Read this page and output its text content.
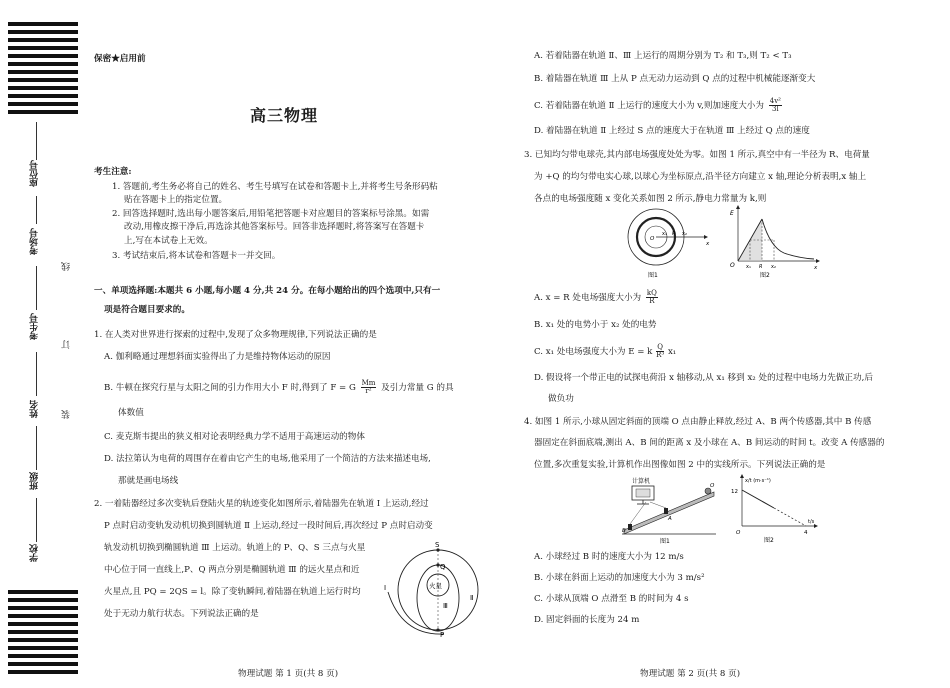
座位号
考场号
考生号
姓名
班级
学校
线
订
装
保密★启用前
高三物理
考生注意:
1. 答题前,考生务必将自己的姓名、考生号填写在试卷和答题卡上,并将考生号条形码粘
贴在答题卡上的指定位置。
2. 回答选择题时,选出每小题答案后,用铅笔把答题卡对应题目的答案标号涂黑。如需
改动,用橡皮擦干净后,再选涂其他答案标号。回答非选择题时,将答案写在答题卡
上,写在本试卷上无效。
3. 考试结束后,将本试卷和答题卡一并交回。
一、单项选择题:本题共 6 小题,每小题 4 分,共 24 分。在每小题给出的四个选项中,只有一
项是符合题目要求的。
1. 在人类对世界进行探索的过程中,发现了众多物理规律,下列说法正确的是
A. 伽利略通过理想斜面实验得出了力是维持物体运动的原因
B. 牛顿在探究行星与太阳之间的引力作用大小 F 时,得到了 F = G $\frac{Mm}{\text{r²}}$ 及引力常量 G 的具
体数值
C. 麦克斯韦提出的狭义相对论表明经典力学不适用于高速运动的物体
D. 法拉第认为电荷的周围存在着由它产生的电场,他采用了一个简洁的方法来描述电场,
那就是画电场线
2. 一着陆器经过多次变轨后登陆火星的轨迹变化如图所示,着陆器先在轨道 Ⅰ 上运动,经过
P 点时启动变轨发动机切换到圆轨道 Ⅱ 上运动,经过一段时间后,再次经过 P 点时启动变
轨发动机切换到椭圆轨道 Ⅲ 上运动。轨道上的 P、Q、S 三点与火星
中心位于同一直线上,P、Q 两点分别是椭圆轨道 Ⅲ 的远火星点和近
火星点,且 PQ = 2QS = l。除了变轨瞬间,着陆器在轨道上运行时均
处于无动力航行状态。下列说法正确的是
S
Q
P
火星
Ⅰ
Ⅱ
Ⅲ
物理试题 第 1 页(共 8 页)
A. 若着陆器在轨道 Ⅱ、Ⅲ 上运行的周期分别为 T₂ 和 T₃,则 T₂ < T₃
B. 着陆器在轨道 Ⅲ 上从 P 点无动力运动到 Q 点的过程中机械能逐渐变大
C. 若着陆器在轨道 Ⅱ 上运行的速度大小为 v,则加速度大小为 $\frac{\text{4v²}}{3l}$
D. 着陆器在轨道 Ⅱ 上经过 S 点的速度大于在轨道 Ⅲ 上经过 Q 点的速度
3. 已知均匀带电球壳,其内部电场强度处处为零。如图 1 所示,真空中有一半径为 R、电荷量
为 +Q 的均匀带电实心球,以球心为坐标原点,沿半径方向建立 x 轴,理论分析表明,x 轴上
各点的电场强度随 x 变化关系如图 2 所示,静电力常量为 k,则
O
x₁ R x₂
x
图1
E
O x₁ R x₂	x
图2
A. x = R 处电场强度大小为 $\frac{kQ}{R}$
B. x₁ 处的电势小于 x₂ 处的电势
C. x₁ 处电场强度大小为 E = k $\frac{Q}{\text{R³}} x_1$
D. 假设将一个带正电的试探电荷沿 x 轴移动,从 x₁ 移到 x₂ 处的过程中电场力先做正功,后
做负功
4. 如图 1 所示,小球从固定斜面的顶端 O 点由静止释放,经过 A、B 两个传感器,其中 B 传感
器固定在斜面底端,测出 A、B 间的距离 x 及小球在 A、B 间运动的时间 t。改变 A 传感器的
位置,多次重复实验,计算机作出图像如图 2 中的实线所示。下列说法正确的是
计算机
A
B
O
图1
x/t (m·s⁻¹)
12
O	4
t/s
图2
A. 小球经过 B 时的速度大小为 12 m/s
B. 小球在斜面上运动的加速度大小为 3 m/s²
C. 小球从顶端 O 点滑至 B 的时间为 4 s
D. 固定斜面的长度为 24 m
物理试题 第 2 页(共 8 页)
